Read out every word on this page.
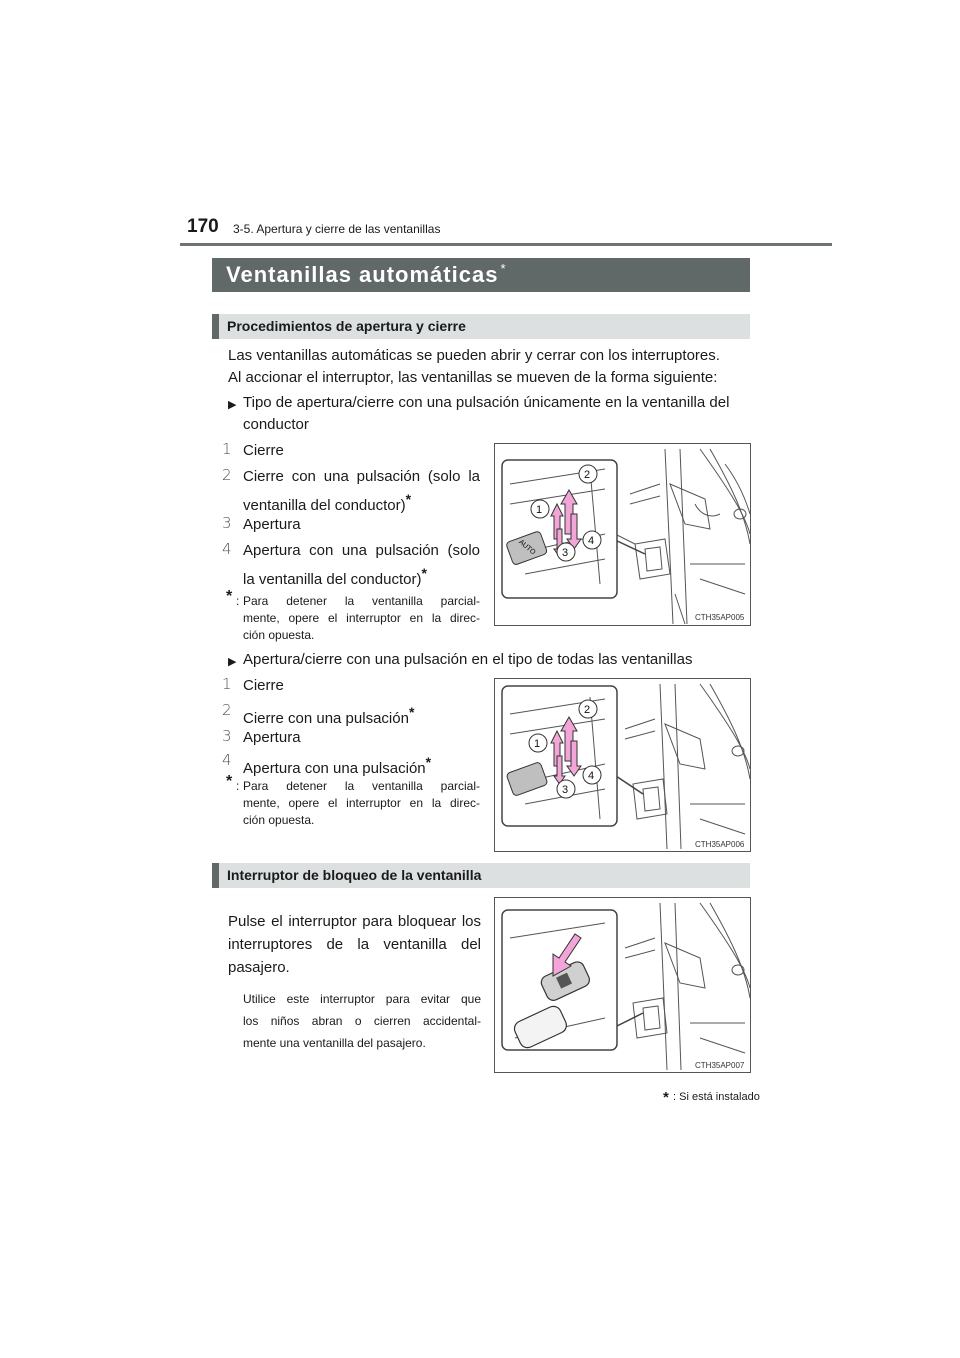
170 3-5. Apertura y cierre de las ventanillas
Ventanillas automáticas *
Procedimientos de apertura y cierre
Las ventanillas automáticas se pueden abrir y cerrar con los interruptores.
Al accionar el interruptor, las ventanillas se mueven de la forma siguiente:
▶ Tipo de apertura/cierre con una pulsación únicamente en la ventanilla del
conductor
1 Cierre
2 Cierre con una pulsación (solo la
ventanilla del conductor)*
3 Apertura
4 Apertura con una pulsación (solo
la ventanilla del conductor)*
* : Para detener la ventanilla parcial-
mente, opere el interruptor en la direc-
ción opuesta.
AUTO
2
1
3
4
CTH35AP005
▶ Apertura/cierre con una pulsación en el tipo de todas las ventanillas
1 Cierre
2 Cierre con una pulsación*
3 Apertura
4 Apertura con una pulsación*
* : Para detener la ventanilla parcial-
mente, opere el interruptor en la direc-
ción opuesta.
2
1
3
4
CTH35AP006
Interruptor de bloqueo de la ventanilla
Pulse el interruptor para bloquear los
interruptores de la ventanilla del
pasajero.
Utilice este interruptor para evitar que
los niños abran o cierren accidental-
mente una ventanilla del pasajero.
CTH35AP007
* : Si está instalado
